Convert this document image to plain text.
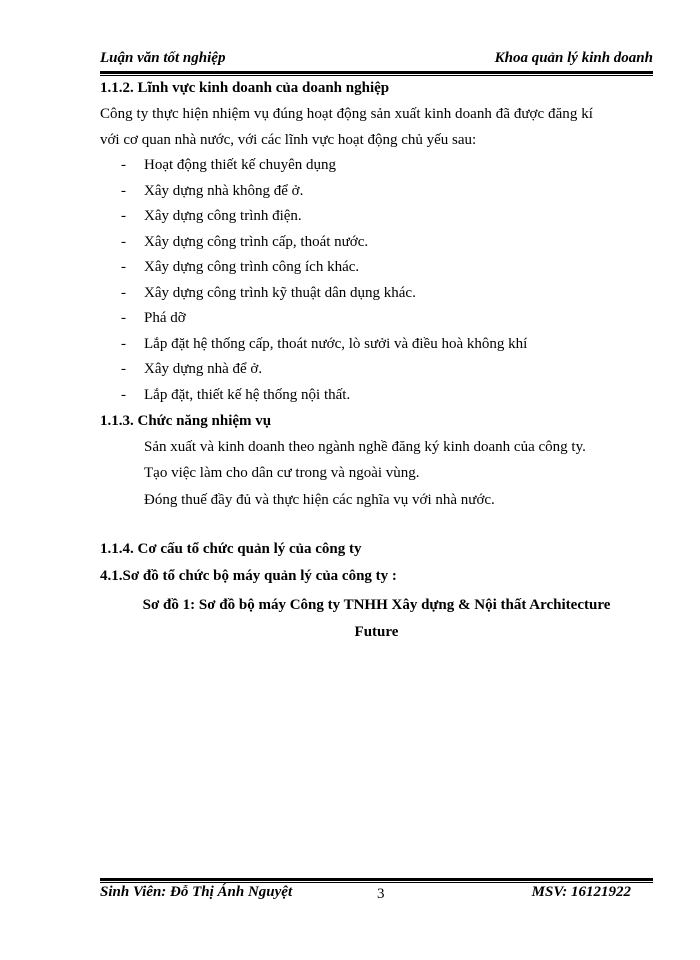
Luận văn tốt nghiệp	Khoa quản lý kinh doanh
1.1.2. Lĩnh vực kinh doanh của doanh nghiệp
Công ty thực hiện nhiệm vụ đúng hoạt động sản xuất kinh doanh đã được đăng kí
với cơ quan nhà nước, với các lĩnh vực hoạt động chủ yếu sau:
- Hoạt động thiết kế chuyên dụng
- Xây dựng nhà không để ở.
- Xây dựng công trình điện.
- Xây dựng công trình cấp, thoát nước.
- Xây dựng công trình công ích khác.
- Xây dựng công trình kỹ thuật dân dụng khác.
- Phá dỡ
- Lắp đặt hệ thống cấp, thoát nước, lò sưởi và điều hoà không khí
- Xây dựng nhà để ở.
- Lắp đặt, thiết kế hệ thống nội thất.
1.1.3. Chức năng nhiệm vụ
Sản xuất và kinh doanh theo ngành nghề đăng ký kinh doanh của công ty.
Tạo việc làm cho dân cư trong và ngoài vùng.
Đóng thuế đầy đủ và thực hiện các nghĩa vụ với nhà nước.
1.1.4. Cơ cấu tổ chức quản lý của công ty
4.1.Sơ đồ tổ chức bộ máy quản lý của công ty :
Sơ đồ 1: Sơ đồ bộ máy Công ty TNHH Xây dựng & Nội thất Architecture
Future
Sinh Viên: Đỗ Thị Ánh Nguyệt	3	MSV: 16121922
